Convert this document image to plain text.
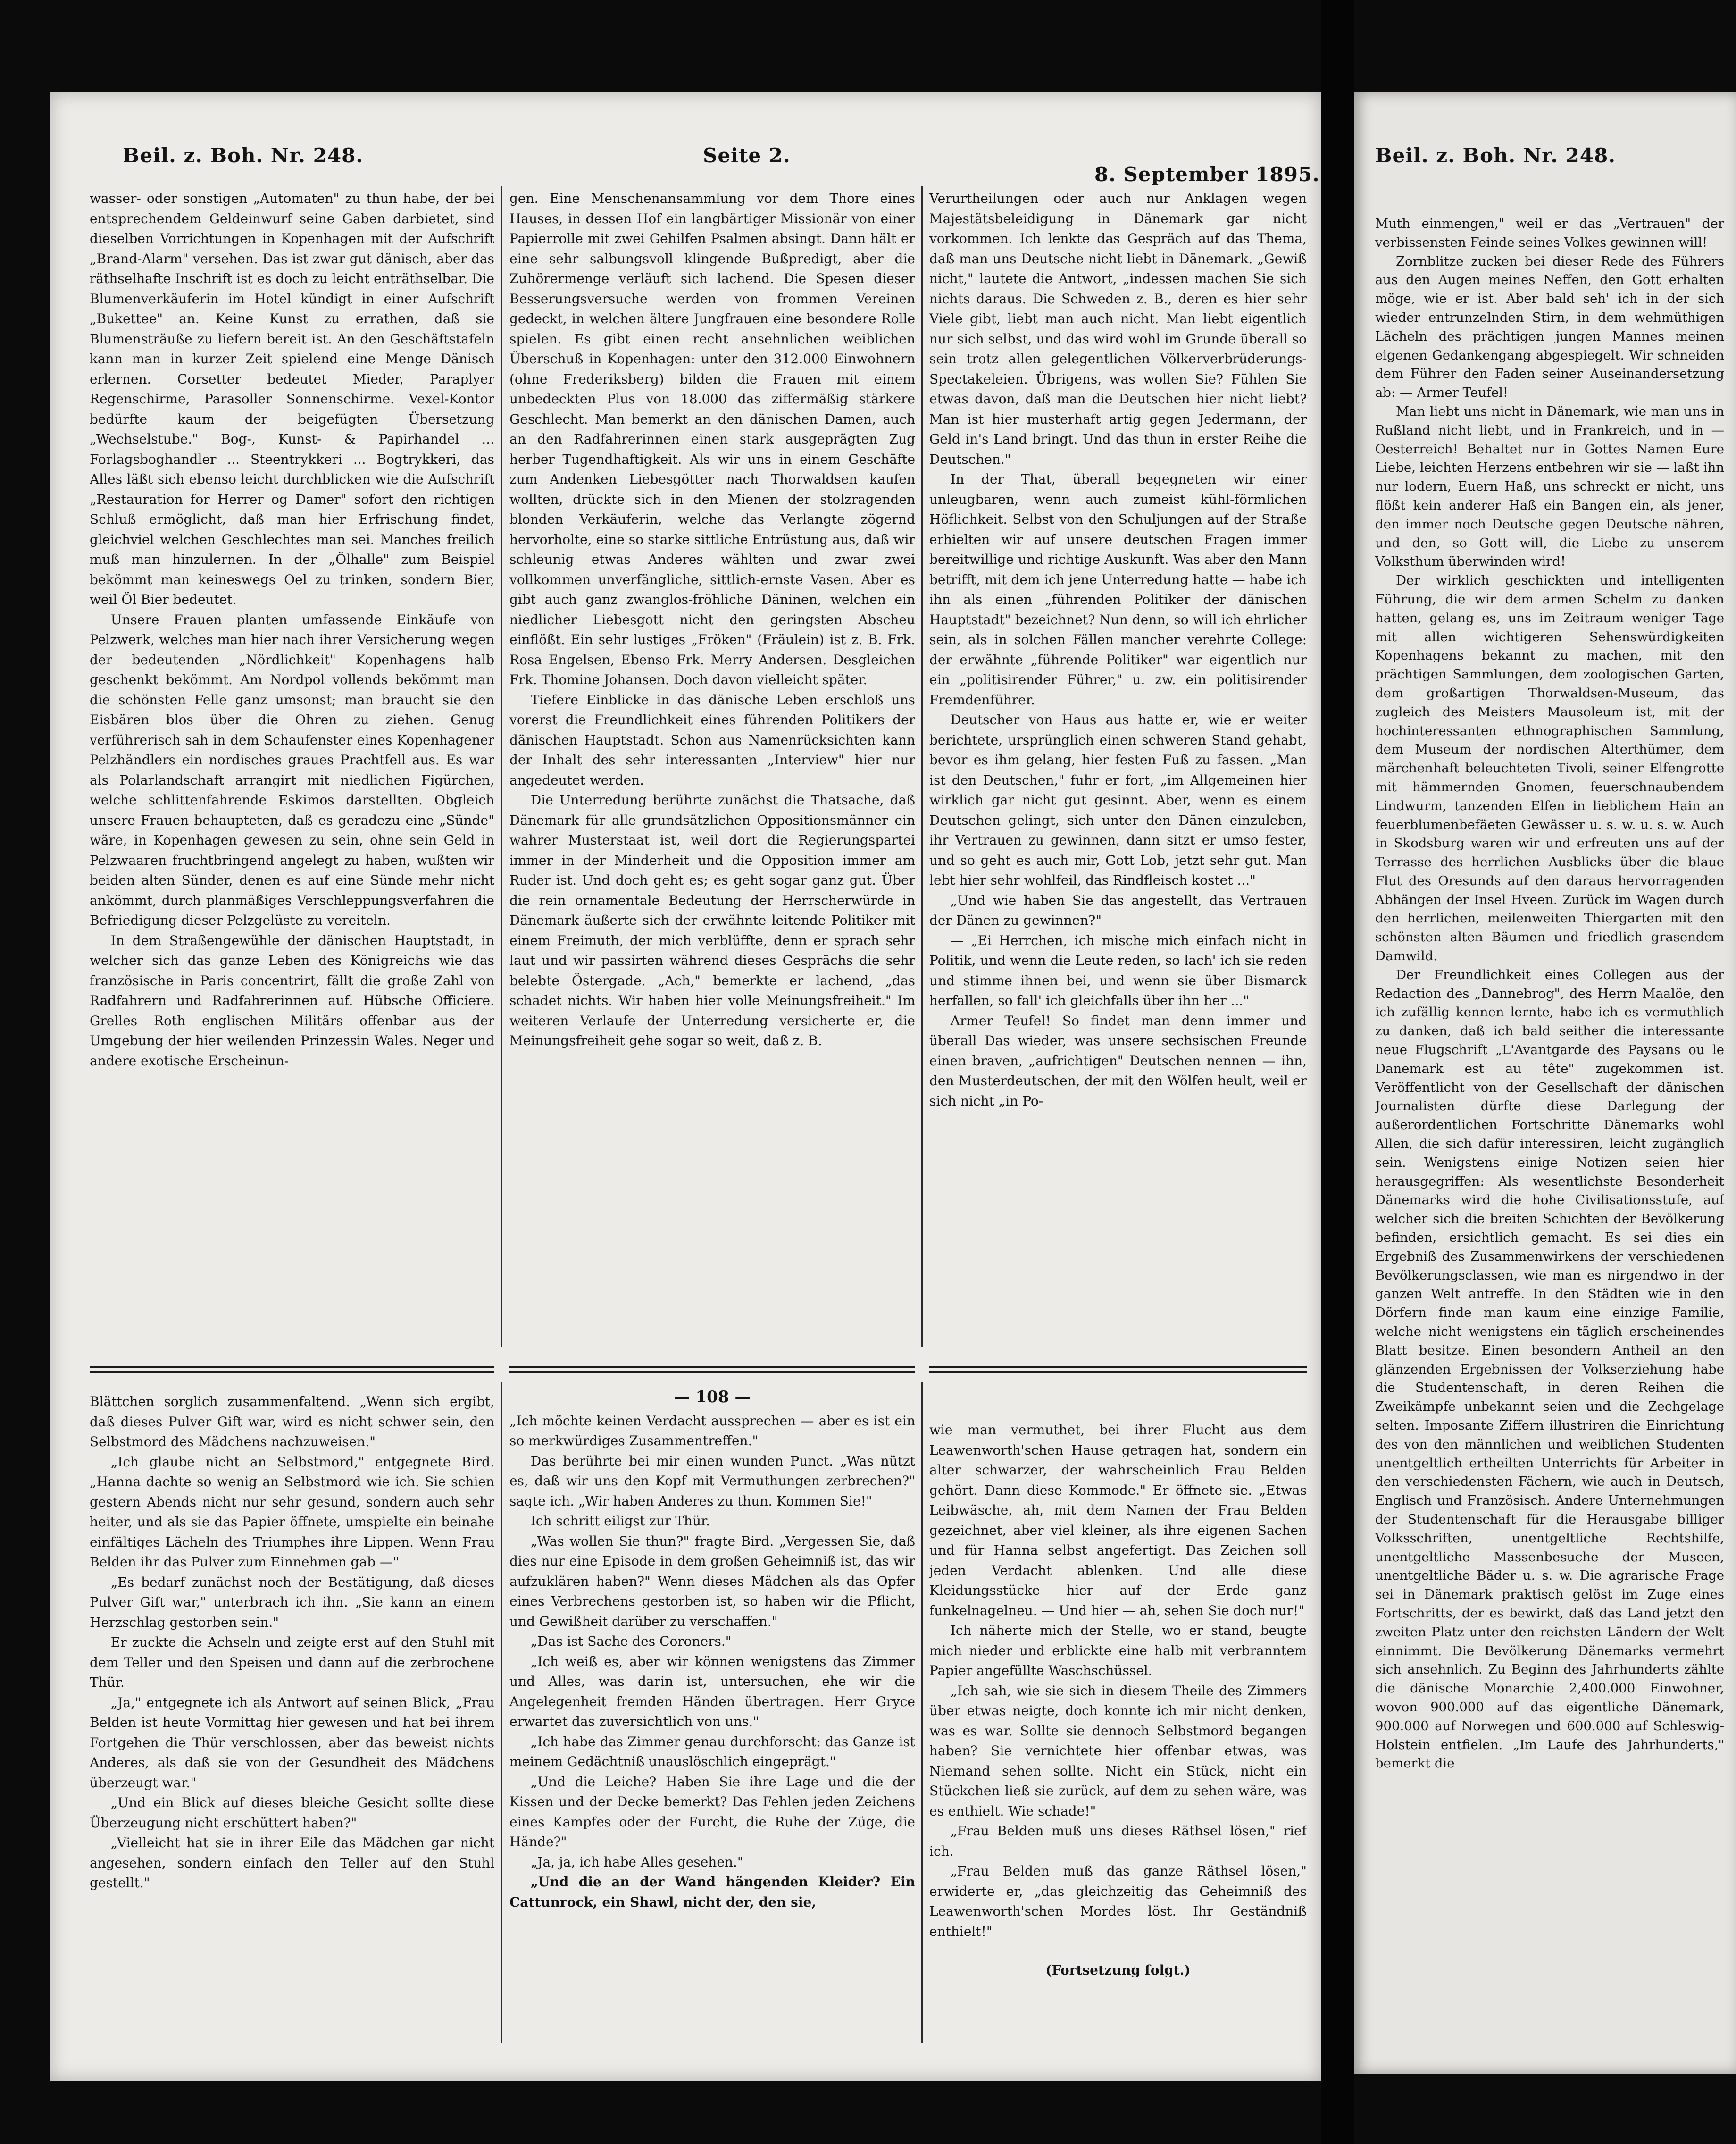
Beil. z. Boh. Nr. 248.	Seite 2.
8. September 1895.

wasser- oder sonstigen „Automaten" zu thun habe, der bei entsprechendem Geldeinwurf seine Gaben darbietet, sind dieselben Vorrichtungen in Kopenhagen mit der Aufschrift „Brand-Alarm" versehen. Das ist zwar gut dänisch, aber das räthselhafte Inschrift ist es doch zu leicht enträthselbar. Die Blumenverkäuferin im Hotel kündigt in einer Aufschrift „Bukettee" an. Keine Kunst zu errathen, daß sie Blumensträuße zu liefern bereit ist. An den Geschäftstafeln kann man in kurzer Zeit spielend eine Menge Dänisch erlernen. Corsetter bedeutet Mieder, Paraplyer Regenschirme, Parasoller Sonnenschirme. Vexel-Kontor bedürfte kaum der beigefügten Übersetzung „Wechselstube." Bog-, Kunst- & Papirhandel ... Forlagsboghandler ... Steentrykkeri ... Bogtrykkeri, das Alles läßt sich ebenso leicht durchblicken wie die Aufschrift „Restauration for Herrer og Damer" sofort den richtigen Schluß ermöglicht, daß man hier Erfrischung findet, gleichviel welchen Geschlechtes man sei. Manches freilich muß man hinzulernen. In der „Ölhalle" zum Beispiel bekömmt man keineswegs Oel zu trinken, sondern Bier, weil Öl Bier bedeutet.

Unsere Frauen planten umfassende Einkäufe von Pelzwerk, welches man hier nach ihrer Versicherung wegen der bedeutenden „Nördlichkeit" Kopenhagens halb geschenkt bekömmt. Am Nordpol vollends bekömmt man die schönsten Felle ganz umsonst; man braucht sie den Eisbären blos über die Ohren zu ziehen. Genug verführerisch sah in dem Schaufenster eines Kopenhagener Pelzhändlers ein nordisches graues Prachtfell aus. Es war als Polarlandschaft arrangirt mit niedlichen Figürchen, welche schlittenfahrende Eskimos darstellten. Obgleich unsere Frauen behaupteten, daß es geradezu eine „Sünde" wäre, in Kopenhagen gewesen zu sein, ohne sein Geld in Pelzwaaren fruchtbringend angelegt zu haben, wußten wir beiden alten Sünder, denen es auf eine Sünde mehr nicht ankömmt, durch planmäßiges Verschleppungsverfahren die Befriedigung dieser Pelzgelüste zu vereiteln.

In dem Straßengewühle der dänischen Hauptstadt, in welcher sich das ganze Leben des Königreichs wie das französische in Paris concentrirt, fällt die große Zahl von Radfahrern und Radfahrerinnen auf. Hübsche Officiere. Grelles Roth englischen Militärs offenbar aus der Umgebung der hier weilenden Prinzessin Wales. Neger und andere exotische Erscheinun-

gen. Eine Menschenansammlung vor dem Thore eines Hauses, in dessen Hof ein langbärtiger Missionär von einer Papierrolle mit zwei Gehilfen Psalmen absingt. Dann hält er eine sehr salbungsvoll klingende Bußpredigt, aber die Zuhörermenge verläuft sich lachend. Die Spesen dieser Besserungsversuche werden von frommen Vereinen gedeckt, in welchen ältere Jungfrauen eine besondere Rolle spielen. Es gibt einen recht ansehnlichen weiblichen Überschuß in Kopenhagen: unter den 312.000 Einwohnern (ohne Frederiksberg) bilden die Frauen mit einem unbedeckten Plus von 18.000 das ziffermäßig stärkere Geschlecht. Man bemerkt an den dänischen Damen, auch an den Radfahrerinnen einen stark ausgeprägten Zug herber Tugendhaftigkeit. Als wir uns in einem Geschäfte zum Andenken Liebesgötter nach Thorwaldsen kaufen wollten, drückte sich in den Mienen der stolzragenden blonden Verkäuferin, welche das Verlangte zögernd hervorholte, eine so starke sittliche Entrüstung aus, daß wir schleunig etwas Anderes wählten und zwar zwei vollkommen unverfängliche, sittlich-ernste Vasen. Aber es gibt auch ganz zwanglos-fröhliche Däninen, welchen ein niedlicher Liebesgott nicht den geringsten Abscheu einflößt. Ein sehr lustiges „Fröken" (Fräulein) ist z. B. Frk. Rosa Engelsen, Ebenso Frk. Merry Andersen. Desgleichen Frk. Thomine Johansen. Doch davon vielleicht später.

Tiefere Einblicke in das dänische Leben erschloß uns vorerst die Freundlichkeit eines führenden Politikers der dänischen Hauptstadt. Schon aus Namenrücksichten kann der Inhalt des sehr interessanten „Interview" hier nur angedeutet werden.

Die Unterredung berührte zunächst die Thatsache, daß Dänemark für alle grundsätzlichen Oppositionsmänner ein wahrer Musterstaat ist, weil dort die Regierungspartei immer in der Minderheit und die Opposition immer am Ruder ist. Und doch geht es; es geht sogar ganz gut. Über die rein ornamentale Bedeutung der Herrscherwürde in Dänemark äußerte sich der erwähnte leitende Politiker mit einem Freimuth, der mich verblüffte, denn er sprach sehr laut und wir passirten während dieses Gesprächs die sehr belebte Östergade. „Ach," bemerkte er lachend, „das schadet nichts. Wir haben hier volle Meinungsfreiheit." Im weiteren Verlaufe der Unterredung versicherte er, die Meinungsfreiheit gehe sogar so weit, daß z. B.

Verurtheilungen oder auch nur Anklagen wegen Majestätsbeleidigung in Dänemark gar nicht vorkommen. Ich lenkte das Gespräch auf das Thema, daß man uns Deutsche nicht liebt in Dänemark. „Gewiß nicht," lautete die Antwort, „indessen machen Sie sich nichts daraus. Die Schweden z. B., deren es hier sehr Viele gibt, liebt man auch nicht. Man liebt eigentlich nur sich selbst, und das wird wohl im Grunde überall so sein trotz allen gelegentlichen Völkerverbrüderungs-Spectakeleien. Übrigens, was wollen Sie? Fühlen Sie etwas davon, daß man die Deutschen hier nicht liebt? Man ist hier musterhaft artig gegen Jedermann, der Geld in's Land bringt. Und das thun in erster Reihe die Deutschen."

In der That, überall begegneten wir einer unleugbaren, wenn auch zumeist kühl-förmlichen Höflichkeit. Selbst von den Schuljungen auf der Straße erhielten wir auf unsere deutschen Fragen immer bereitwillige und richtige Auskunft. Was aber den Mann betrifft, mit dem ich jene Unterredung hatte — habe ich ihn als einen „führenden Politiker der dänischen Hauptstadt" bezeichnet? Nun denn, so will ich ehrlicher sein, als in solchen Fällen mancher verehrte College: der erwähnte „führende Politiker" war eigentlich nur ein „politisirender Führer," u. zw. ein politisirender Fremdenführer.

Deutscher von Haus aus hatte er, wie er weiter berichtete, ursprünglich einen schweren Stand gehabt, bevor es ihm gelang, hier festen Fuß zu fassen. „Man ist den Deutschen," fuhr er fort, „im Allgemeinen hier wirklich gar nicht gut gesinnt. Aber, wenn es einem Deutschen gelingt, sich unter den Dänen einzuleben, ihr Vertrauen zu gewinnen, dann sitzt er umso fester, und so geht es auch mir, Gott Lob, jetzt sehr gut. Man lebt hier sehr wohlfeil, das Rindfleisch kostet ..."

„Und wie haben Sie das angestellt, das Vertrauen der Dänen zu gewinnen?"

— „Ei Herrchen, ich mische mich einfach nicht in Politik, und wenn die Leute reden, so lach' ich sie reden und stimme ihnen bei, und wenn sie über Bismarck herfallen, so fall' ich gleichfalls über ihn her ..."

Armer Teufel! So findet man denn immer und überall Das wieder, was unsere sechsischen Freunde einen braven, „aufrichtigen" Deutschen nennen — ihn, den Musterdeutschen, der mit den Wölfen heult, weil er sich nicht „in Po-

Blättchen sorglich zusammenfaltend. „Wenn sich ergibt, daß dieses Pulver Gift war, wird es nicht schwer sein, den Selbstmord des Mädchens nachzuweisen."

„Ich glaube nicht an Selbstmord," entgegnete Bird. „Hanna dachte so wenig an Selbstmord wie ich. Sie schien gestern Abends nicht nur sehr gesund, sondern auch sehr heiter, und als sie das Papier öffnete, umspielte ein beinahe einfältiges Lächeln des Triumphes ihre Lippen. Wenn Frau Belden ihr das Pulver zum Einnehmen gab —"

„Es bedarf zunächst noch der Bestätigung, daß dieses Pulver Gift war," unterbrach ich ihn. „Sie kann an einem Herzschlag gestorben sein."

Er zuckte die Achseln und zeigte erst auf den Stuhl mit dem Teller und den Speisen und dann auf die zerbrochene Thür.

„Ja," entgegnete ich als Antwort auf seinen Blick, „Frau Belden ist heute Vormittag hier gewesen und hat bei ihrem Fortgehen die Thür verschlossen, aber das beweist nichts Anderes, als daß sie von der Gesundheit des Mädchens überzeugt war."

„Und ein Blick auf dieses bleiche Gesicht sollte diese Überzeugung nicht erschüttert haben?"

„Vielleicht hat sie in ihrer Eile das Mädchen gar nicht angesehen, sondern einfach den Teller auf den Stuhl gestellt."

— 108 —

„Ich möchte keinen Verdacht aussprechen — aber es ist ein so merkwürdiges Zusammentreffen."

Das berührte bei mir einen wunden Punct. „Was nützt es, daß wir uns den Kopf mit Vermuthungen zerbrechen?" sagte ich. „Wir haben Anderes zu thun. Kommen Sie!"

Ich schritt eiligst zur Thür.

„Was wollen Sie thun?" fragte Bird. „Vergessen Sie, daß dies nur eine Episode in dem großen Geheimniß ist, das wir aufzuklären haben?" Wenn dieses Mädchen als das Opfer eines Verbrechens gestorben ist, so haben wir die Pflicht, und Gewißheit darüber zu verschaffen."

„Das ist Sache des Coroners."

„Ich weiß es, aber wir können wenigstens das Zimmer und Alles, was darin ist, untersuchen, ehe wir die Angelegenheit fremden Händen übertragen. Herr Gryce erwartet das zuversichtlich von uns."

„Ich habe das Zimmer genau durchforscht: das Ganze ist meinem Gedächtniß unauslöschlich eingeprägt."

„Und die Leiche? Haben Sie ihre Lage und die der Kissen und der Decke bemerkt? Das Fehlen jeden Zeichens eines Kampfes oder der Furcht, die Ruhe der Züge, die Hände?"

„Ja, ja, ich habe Alles gesehen."

„Und die an der Wand hängenden Kleider? Ein Cattunrock, ein Shawl, nicht der, den sie,

wie man vermuthet, bei ihrer Flucht aus dem Leawenworth'schen Hause getragen hat, sondern ein alter schwarzer, der wahrscheinlich Frau Belden gehört. Dann diese Kommode." Er öffnete sie. „Etwas Leibwäsche, ah, mit dem Namen der Frau Belden gezeichnet, aber viel kleiner, als ihre eigenen Sachen und für Hanna selbst angefertigt. Das Zeichen soll jeden Verdacht ablenken. Und alle diese Kleidungsstücke hier auf der Erde ganz funkelnagelneu. — Und hier — ah, sehen Sie doch nur!"

Ich näherte mich der Stelle, wo er stand, beugte mich nieder und erblickte eine halb mit verbranntem Papier angefüllte Waschschüssel.

„Ich sah, wie sie sich in diesem Theile des Zimmers über etwas neigte, doch konnte ich mir nicht denken, was es war. Sollte sie dennoch Selbstmord begangen haben? Sie vernichtete hier offenbar etwas, was Niemand sehen sollte. Nicht ein Stück, nicht ein Stückchen ließ sie zurück, auf dem zu sehen wäre, was es enthielt. Wie schade!"

„Frau Belden muß uns dieses Räthsel lösen," rief ich.

„Frau Belden muß das ganze Räthsel lösen," erwiderte er, „das gleichzeitig das Geheimniß des Leawenworth'schen Mordes löst. Ihr Geständniß enthielt!"

(Fortsetzung folgt.)

Beil. z. Boh. Nr. 248.

Muth einmengen," weil er das „Vertrauen" der verbissensten Feinde seines Volkes gewinnen will!

Zornblitze zucken bei dieser Rede des Führers aus den Augen meines Neffen, den Gott erhalten möge, wie er ist. Aber bald seh' ich in der sich wieder entrunzelnden Stirn, in dem wehmüthigen Lächeln des prächtigen jungen Mannes meinen eigenen Gedankengang abgespiegelt. Wir schneiden dem Führer den Faden seiner Auseinandersetzung ab: — Armer Teufel!

Man liebt uns nicht in Dänemark, wie man uns in Rußland nicht liebt, und in Frankreich, und in — Oesterreich! Behaltet nur in Gottes Namen Eure Liebe, leichten Herzens entbehren wir sie — laßt ihn nur lodern, Euern Haß, uns schreckt er nicht, uns flößt kein anderer Haß ein Bangen ein, als jener, den immer noch Deutsche gegen Deutsche nähren, und den, so Gott will, die Liebe zu unserem Volksthum überwinden wird!

Der wirklich geschickten und intelligenten Führung, die wir dem armen Schelm zu danken hatten, gelang es, uns im Zeitraum weniger Tage mit allen wichtigeren Sehenswürdigkeiten Kopenhagens bekannt zu machen, mit den prächtigen Sammlungen, dem zoologischen Garten, dem großartigen Thorwaldsen-Museum, das zugleich des Meisters Mausoleum ist, mit der hochinteressanten ethnographischen Sammlung, dem Museum der nordischen Alterthümer, dem märchenhaft beleuchteten Tivoli, seiner Elfengrotte mit hämmernden Gnomen, feuerschnaubendem Lindwurm, tanzenden Elfen in lieblichem Hain an feuerblumenbefäeten Gewässer u. s. w. u. s. w. Auch in Skodsburg waren wir und erfreuten uns auf der Terrasse des herrlichen Ausblicks über die blaue Flut des Oresunds auf den daraus hervorragenden Abhängen der Insel Hveen. Zurück im Wagen durch den herrlichen, meilenweiten Thiergarten mit den schönsten alten Bäumen und friedlich grasendem Damwild.

Der Freundlichkeit eines Collegen aus der Redaction des „Dannebrog", des Herrn Maalöe, den ich zufällig kennen lernte, habe ich es vermuthlich zu danken, daß ich bald seither die interessante neue Flugschrift „L'Avantgarde des Paysans ou le Danemark est au tête" zugekommen ist. Veröffentlicht von der Gesellschaft der dänischen Journalisten dürfte diese Darlegung der außerordentlichen Fortschritte Dänemarks wohl Allen, die sich dafür interessiren, leicht zugänglich sein. Wenigstens einige Notizen seien hier herausgegriffen: Als wesentlichste Besonderheit Dänemarks wird die hohe Civilisationsstufe, auf welcher sich die breiten Schichten der Bevölkerung befinden, ersichtlich gemacht. Es sei dies ein Ergebniß des Zusammenwirkens der verschiedenen Bevölkerungsclassen, wie man es nirgendwo in der ganzen Welt antreffe. In den Städten wie in den Dörfern finde man kaum eine einzige Familie, welche nicht wenigstens ein täglich erscheinendes Blatt besitze. Einen besondern Antheil an den glänzenden Ergebnissen der Volkserziehung habe die Studentenschaft, in deren Reihen die Zweikämpfe unbekannt seien und die Zechgelage selten. Imposante Ziffern illustriren die Einrichtung des von den männlichen und weiblichen Studenten unentgeltlich ertheilten Unterrichts für Arbeiter in den verschiedensten Fächern, wie auch in Deutsch, Englisch und Französisch. Andere Unternehmungen der Studentenschaft für die Herausgabe billiger Volksschriften, unentgeltliche Rechtshilfe, unentgeltliche Massenbesuche der Museen, unentgeltliche Bäder u. s. w. Die agrarische Frage sei in Dänemark praktisch gelöst im Zuge eines Fortschritts, der es bewirkt, daß das Land jetzt den zweiten Platz unter den reichsten Ländern der Welt einnimmt. Die Bevölkerung Dänemarks vermehrt sich ansehnlich. Zu Beginn des Jahrhunderts zählte die dänische Monarchie 2,400.000 Einwohner, wovon 900.000 auf das eigentliche Dänemark, 900.000 auf Norwegen und 600.000 auf Schleswig-Holstein entfielen. „Im Laufe des Jahrhunderts," bemerkt die
